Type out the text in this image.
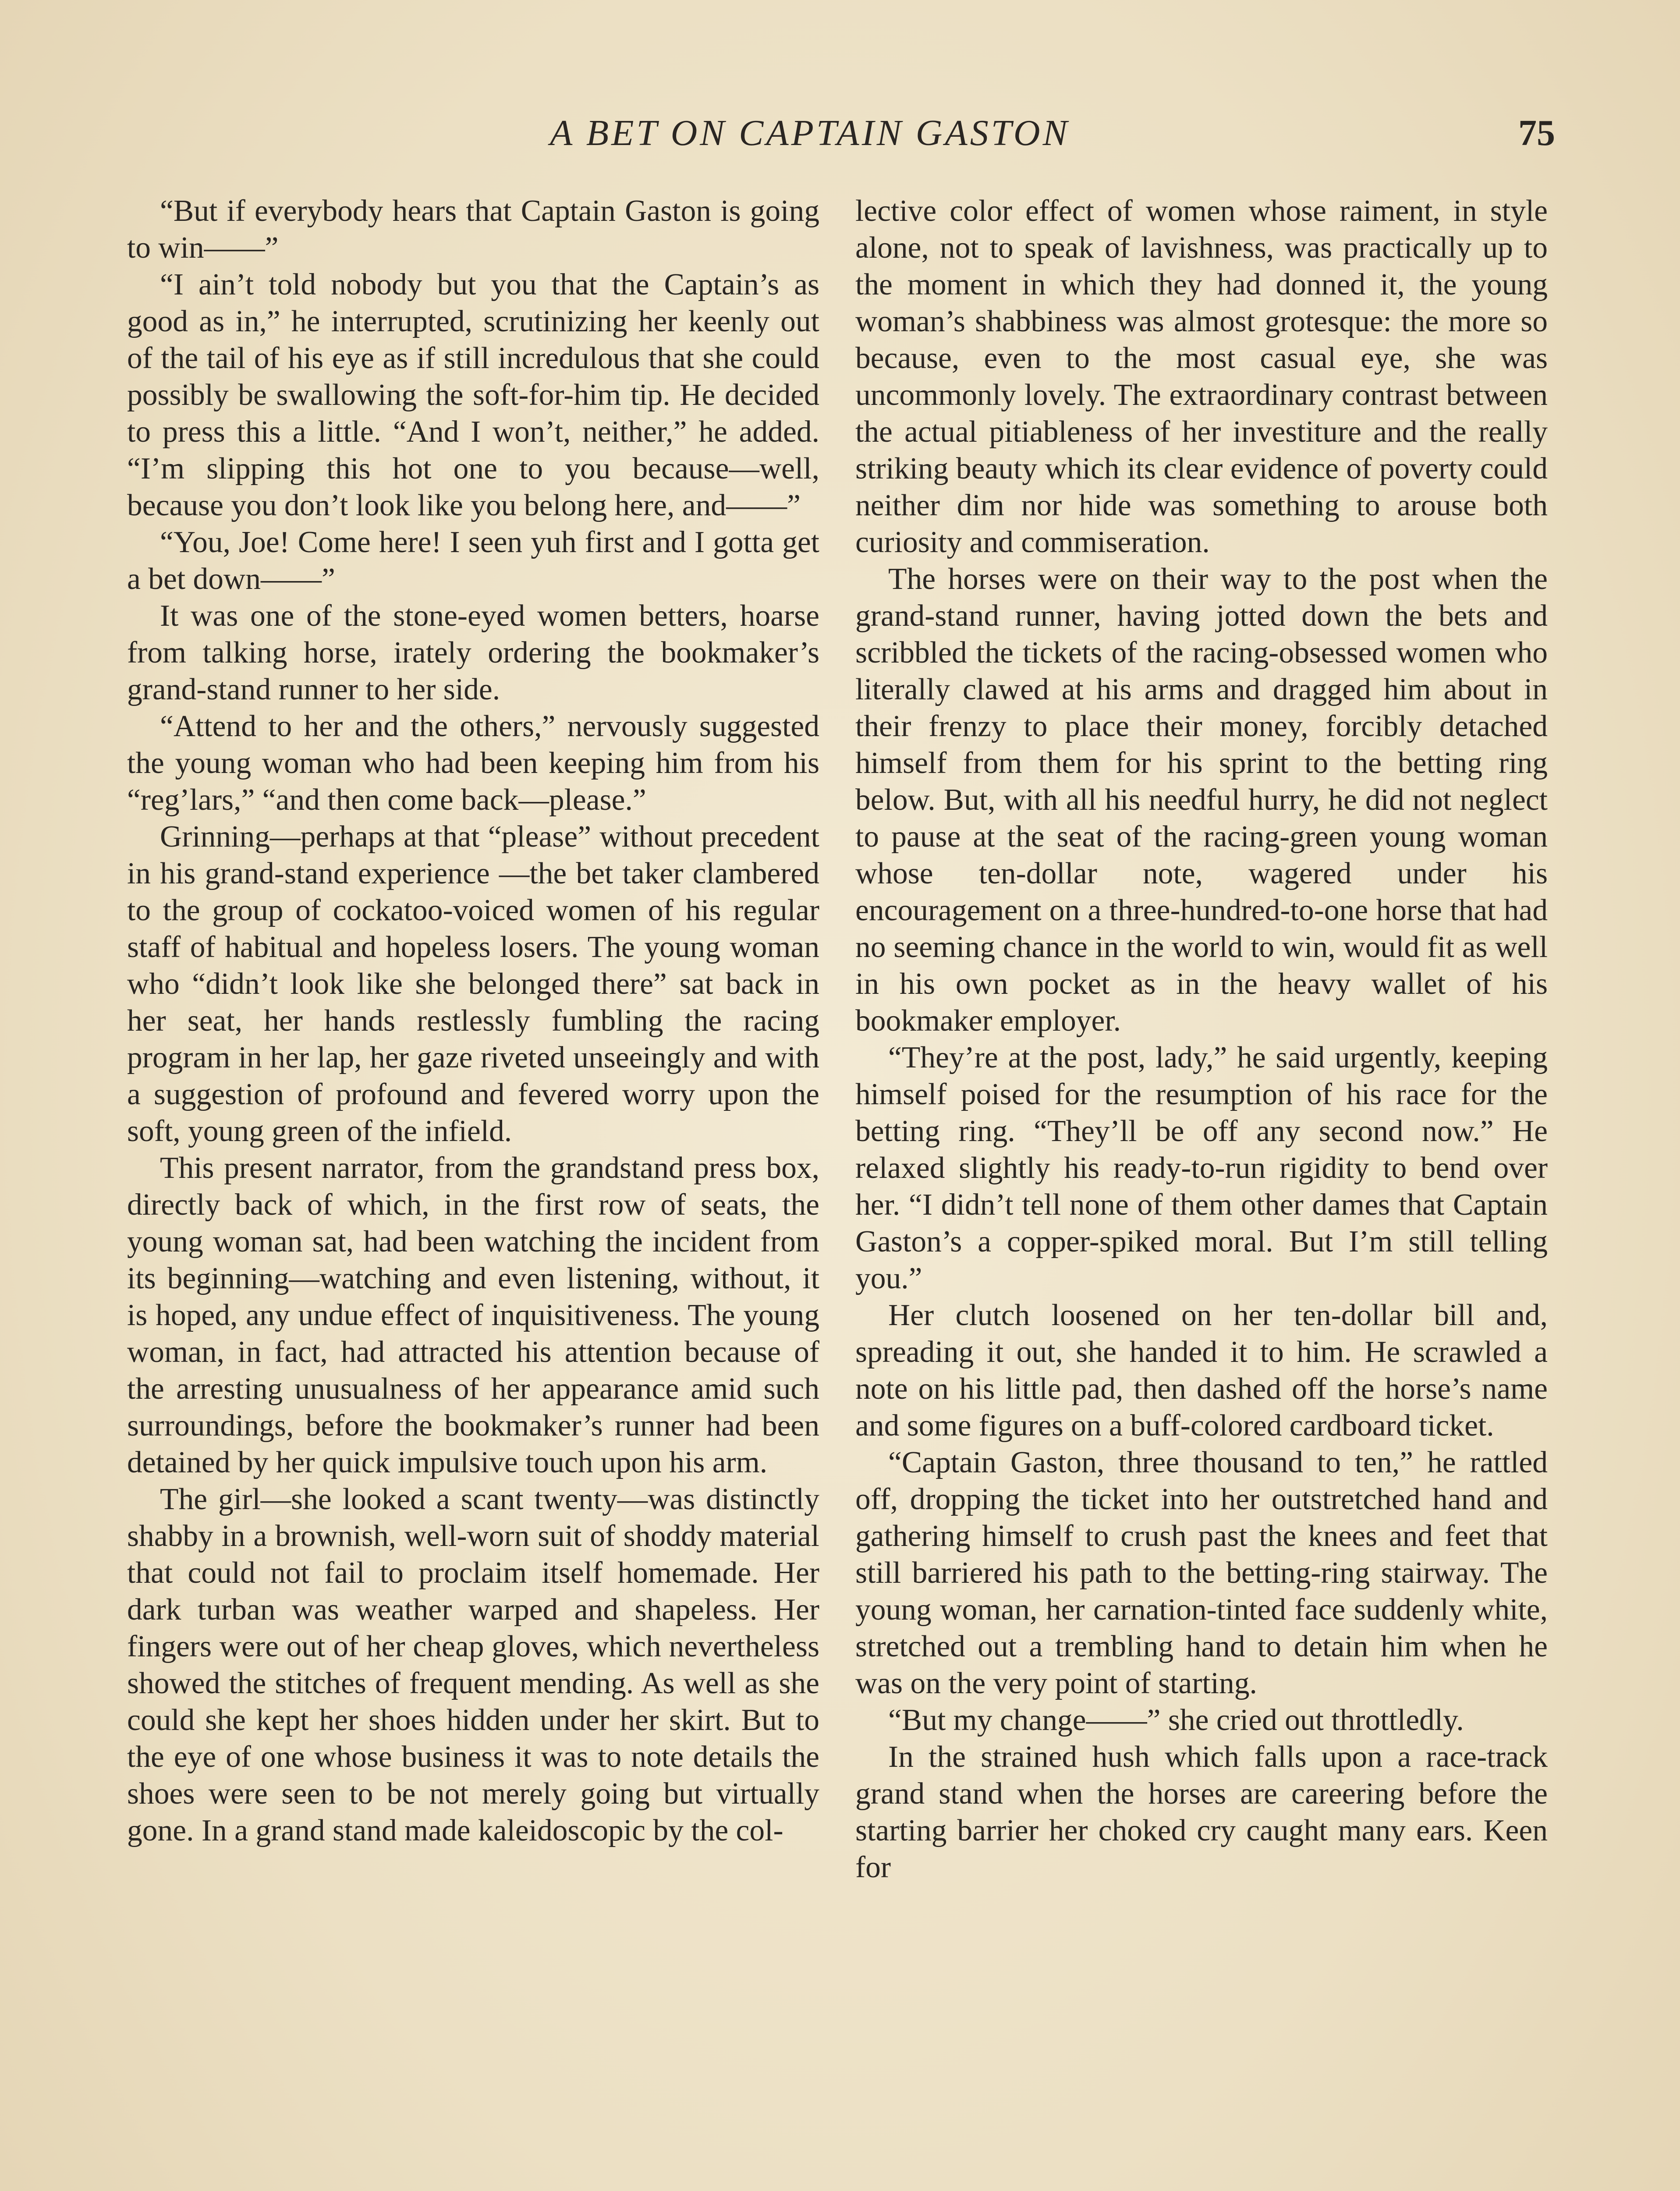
A BET ON CAPTAIN GASTON	75

“But if everybody hears that Captain Gaston is going to win——”

“I ain’t told nobody but you that the Captain’s as good as in,” he interrupted, scrutinizing her keenly out of the tail of his eye as if still incredulous that she could possibly be swallowing the soft-for-him tip. He decided to press this a little. “And I won’t, neither,” he added. “I’m slipping this hot one to you because—well, because you don’t look like you belong here, and——”

“You, Joe! Come here! I seen yuh first and I gotta get a bet down——”

It was one of the stone-eyed women betters, hoarse from talking horse, irately ordering the bookmaker’s grand-stand runner to her side.

“Attend to her and the others,” nervously suggested the young woman who had been keeping him from his “reg’lars,” “and then come back—please.”

Grinning—perhaps at that “please” without precedent in his grand-stand experience —the bet taker clambered to the group of cockatoo-voiced women of his regular staff of habitual and hopeless losers. The young woman who “didn’t look like she belonged there” sat back in her seat, her hands restlessly fumbling the racing program in her lap, her gaze riveted unseeingly and with a suggestion of profound and fevered worry upon the soft, young green of the infield.

This present narrator, from the grandstand press box, directly back of which, in the first row of seats, the young woman sat, had been watching the incident from its beginning—watching and even listening, without, it is hoped, any undue effect of inquisitiveness. The young woman, in fact, had attracted his attention because of the arresting unusualness of her appearance amid such surroundings, before the bookmaker’s runner had been detained by her quick impulsive touch upon his arm.

The girl—she looked a scant twenty—was distinctly shabby in a brownish, well-worn suit of shoddy material that could not fail to proclaim itself homemade. Her dark turban was weather warped and shapeless. Her fingers were out of her cheap gloves, which nevertheless showed the stitches of frequent mending. As well as she could she kept her shoes hidden under her skirt. But to the eye of one whose business it was to note details the shoes were seen to be not merely going but virtually gone. In a grand stand made kaleidoscopic by the col-

lective color effect of women whose raiment, in style alone, not to speak of lavishness, was practically up to the moment in which they had donned it, the young woman’s shabbiness was almost grotesque: the more so because, even to the most casual eye, she was uncommonly lovely. The extraordinary contrast between the actual pitiableness of her investiture and the really striking beauty which its clear evidence of poverty could neither dim nor hide was something to arouse both curiosity and commiseration.

The horses were on their way to the post when the grand-stand runner, having jotted down the bets and scribbled the tickets of the racing-obsessed women who literally clawed at his arms and dragged him about in their frenzy to place their money, forcibly detached himself from them for his sprint to the betting ring below. But, with all his needful hurry, he did not neglect to pause at the seat of the racing-green young woman whose ten-dollar note, wagered under his encouragement on a three-hundred-to-one horse that had no seeming chance in the world to win, would fit as well in his own pocket as in the heavy wallet of his bookmaker employer.

“They’re at the post, lady,” he said urgently, keeping himself poised for the resumption of his race for the betting ring. “They’ll be off any second now.” He relaxed slightly his ready-to-run rigidity to bend over her. “I didn’t tell none of them other dames that Captain Gaston’s a copper-spiked moral. But I’m still telling you.”

Her clutch loosened on her ten-dollar bill and, spreading it out, she handed it to him. He scrawled a note on his little pad, then dashed off the horse’s name and some figures on a buff-colored cardboard ticket.

“Captain Gaston, three thousand to ten,” he rattled off, dropping the ticket into her outstretched hand and gathering himself to crush past the knees and feet that still barriered his path to the betting-ring stairway. The young woman, her carnation-tinted face suddenly white, stretched out a trembling hand to detain him when he was on the very point of starting.

“But my change——” she cried out throttledly.

In the strained hush which falls upon a race-track grand stand when the horses are careering before the starting barrier her choked cry caught many ears. Keen for
